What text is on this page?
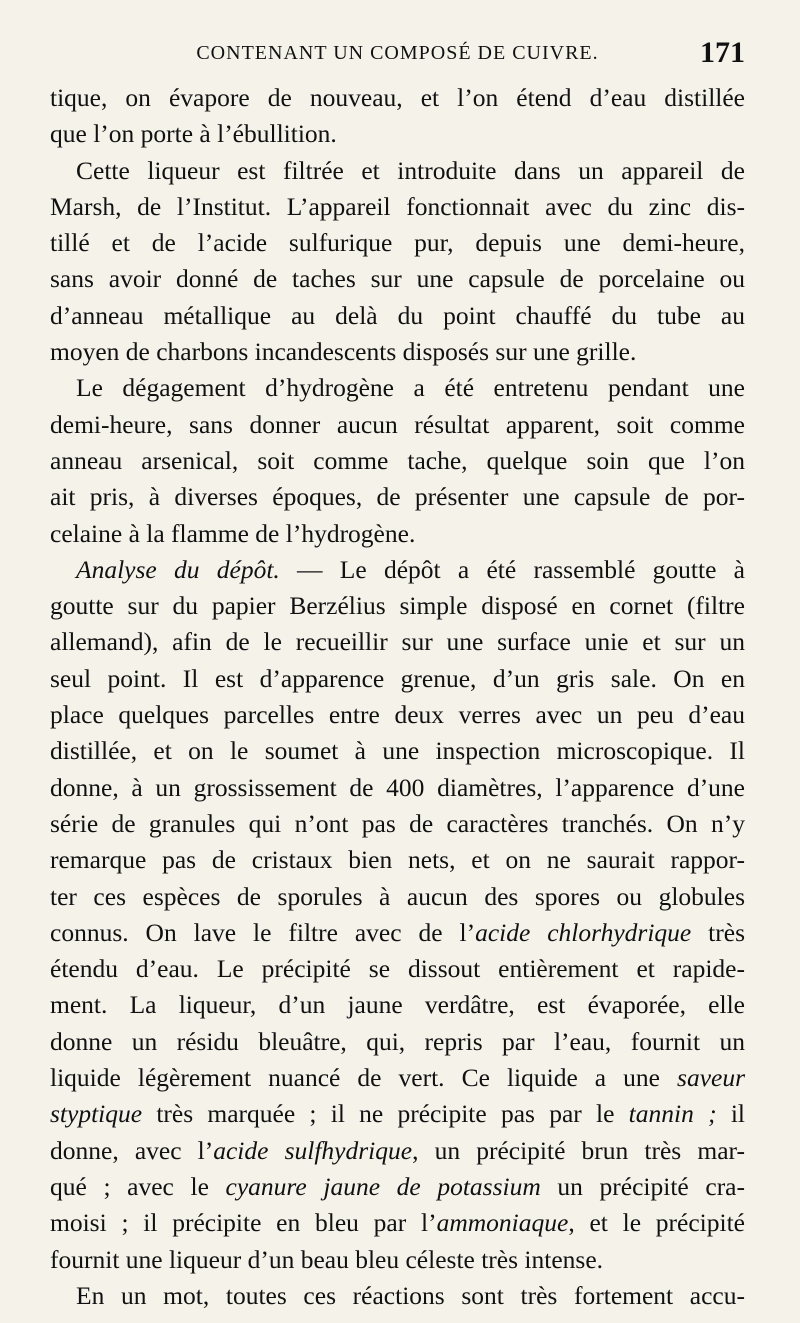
CONTENANT UN COMPOSÉ DE CUIVRE.	171
tique, on évapore de nouveau, et l’on étend d’eau distillée
que l’on porte à l’ébullition.
Cette liqueur est filtrée et introduite dans un appareil de
Marsh, de l’Institut. L’appareil fonctionnait avec du zinc dis-
tillé et de l’acide sulfurique pur, depuis une demi-heure,
sans avoir donné de taches sur une capsule de porcelaine ou
d’anneau métallique au delà du point chauffé du tube au
moyen de charbons incandescents disposés sur une grille.
Le dégagement d’hydrogène a été entretenu pendant une
demi-heure, sans donner aucun résultat apparent, soit comme
anneau arsenical, soit comme tache, quelque soin que l’on
ait pris, à diverses époques, de présenter une capsule de por-
celaine à la flamme de l’hydrogène.
Analyse du dépôt. — Le dépôt a été rassemblé goutte à
goutte sur du papier Berzélius simple disposé en cornet (filtre
allemand), afin de le recueillir sur une surface unie et sur un
seul point. Il est d’apparence grenue, d’un gris sale. On en
place quelques parcelles entre deux verres avec un peu d’eau
distillée, et on le soumet à une inspection microscopique. Il
donne, à un grossissement de 400 diamètres, l’apparence d’une
série de granules qui n’ont pas de caractères tranchés. On n’y
remarque pas de cristaux bien nets, et on ne saurait rappor-
ter ces espèces de sporules à aucun des spores ou globules
connus. On lave le filtre avec de l’acide chlorhydrique très
étendu d’eau. Le précipité se dissout entièrement et rapide-
ment. La liqueur, d’un jaune verdâtre, est évaporée, elle
donne un résidu bleuâtre, qui, repris par l’eau, fournit un
liquide légèrement nuancé de vert. Ce liquide a une saveur
styptique très marquée ; il ne précipite pas par le tannin ; il
donne, avec l’acide sulfhydrique, un précipité brun très mar-
qué ; avec le cyanure jaune de potassium un précipité cra-
moisi ; il précipite en bleu par l’ammoniaque, et le précipité
fournit une liqueur d’un beau bleu céleste très intense.
En un mot, toutes ces réactions sont très fortement accu-
